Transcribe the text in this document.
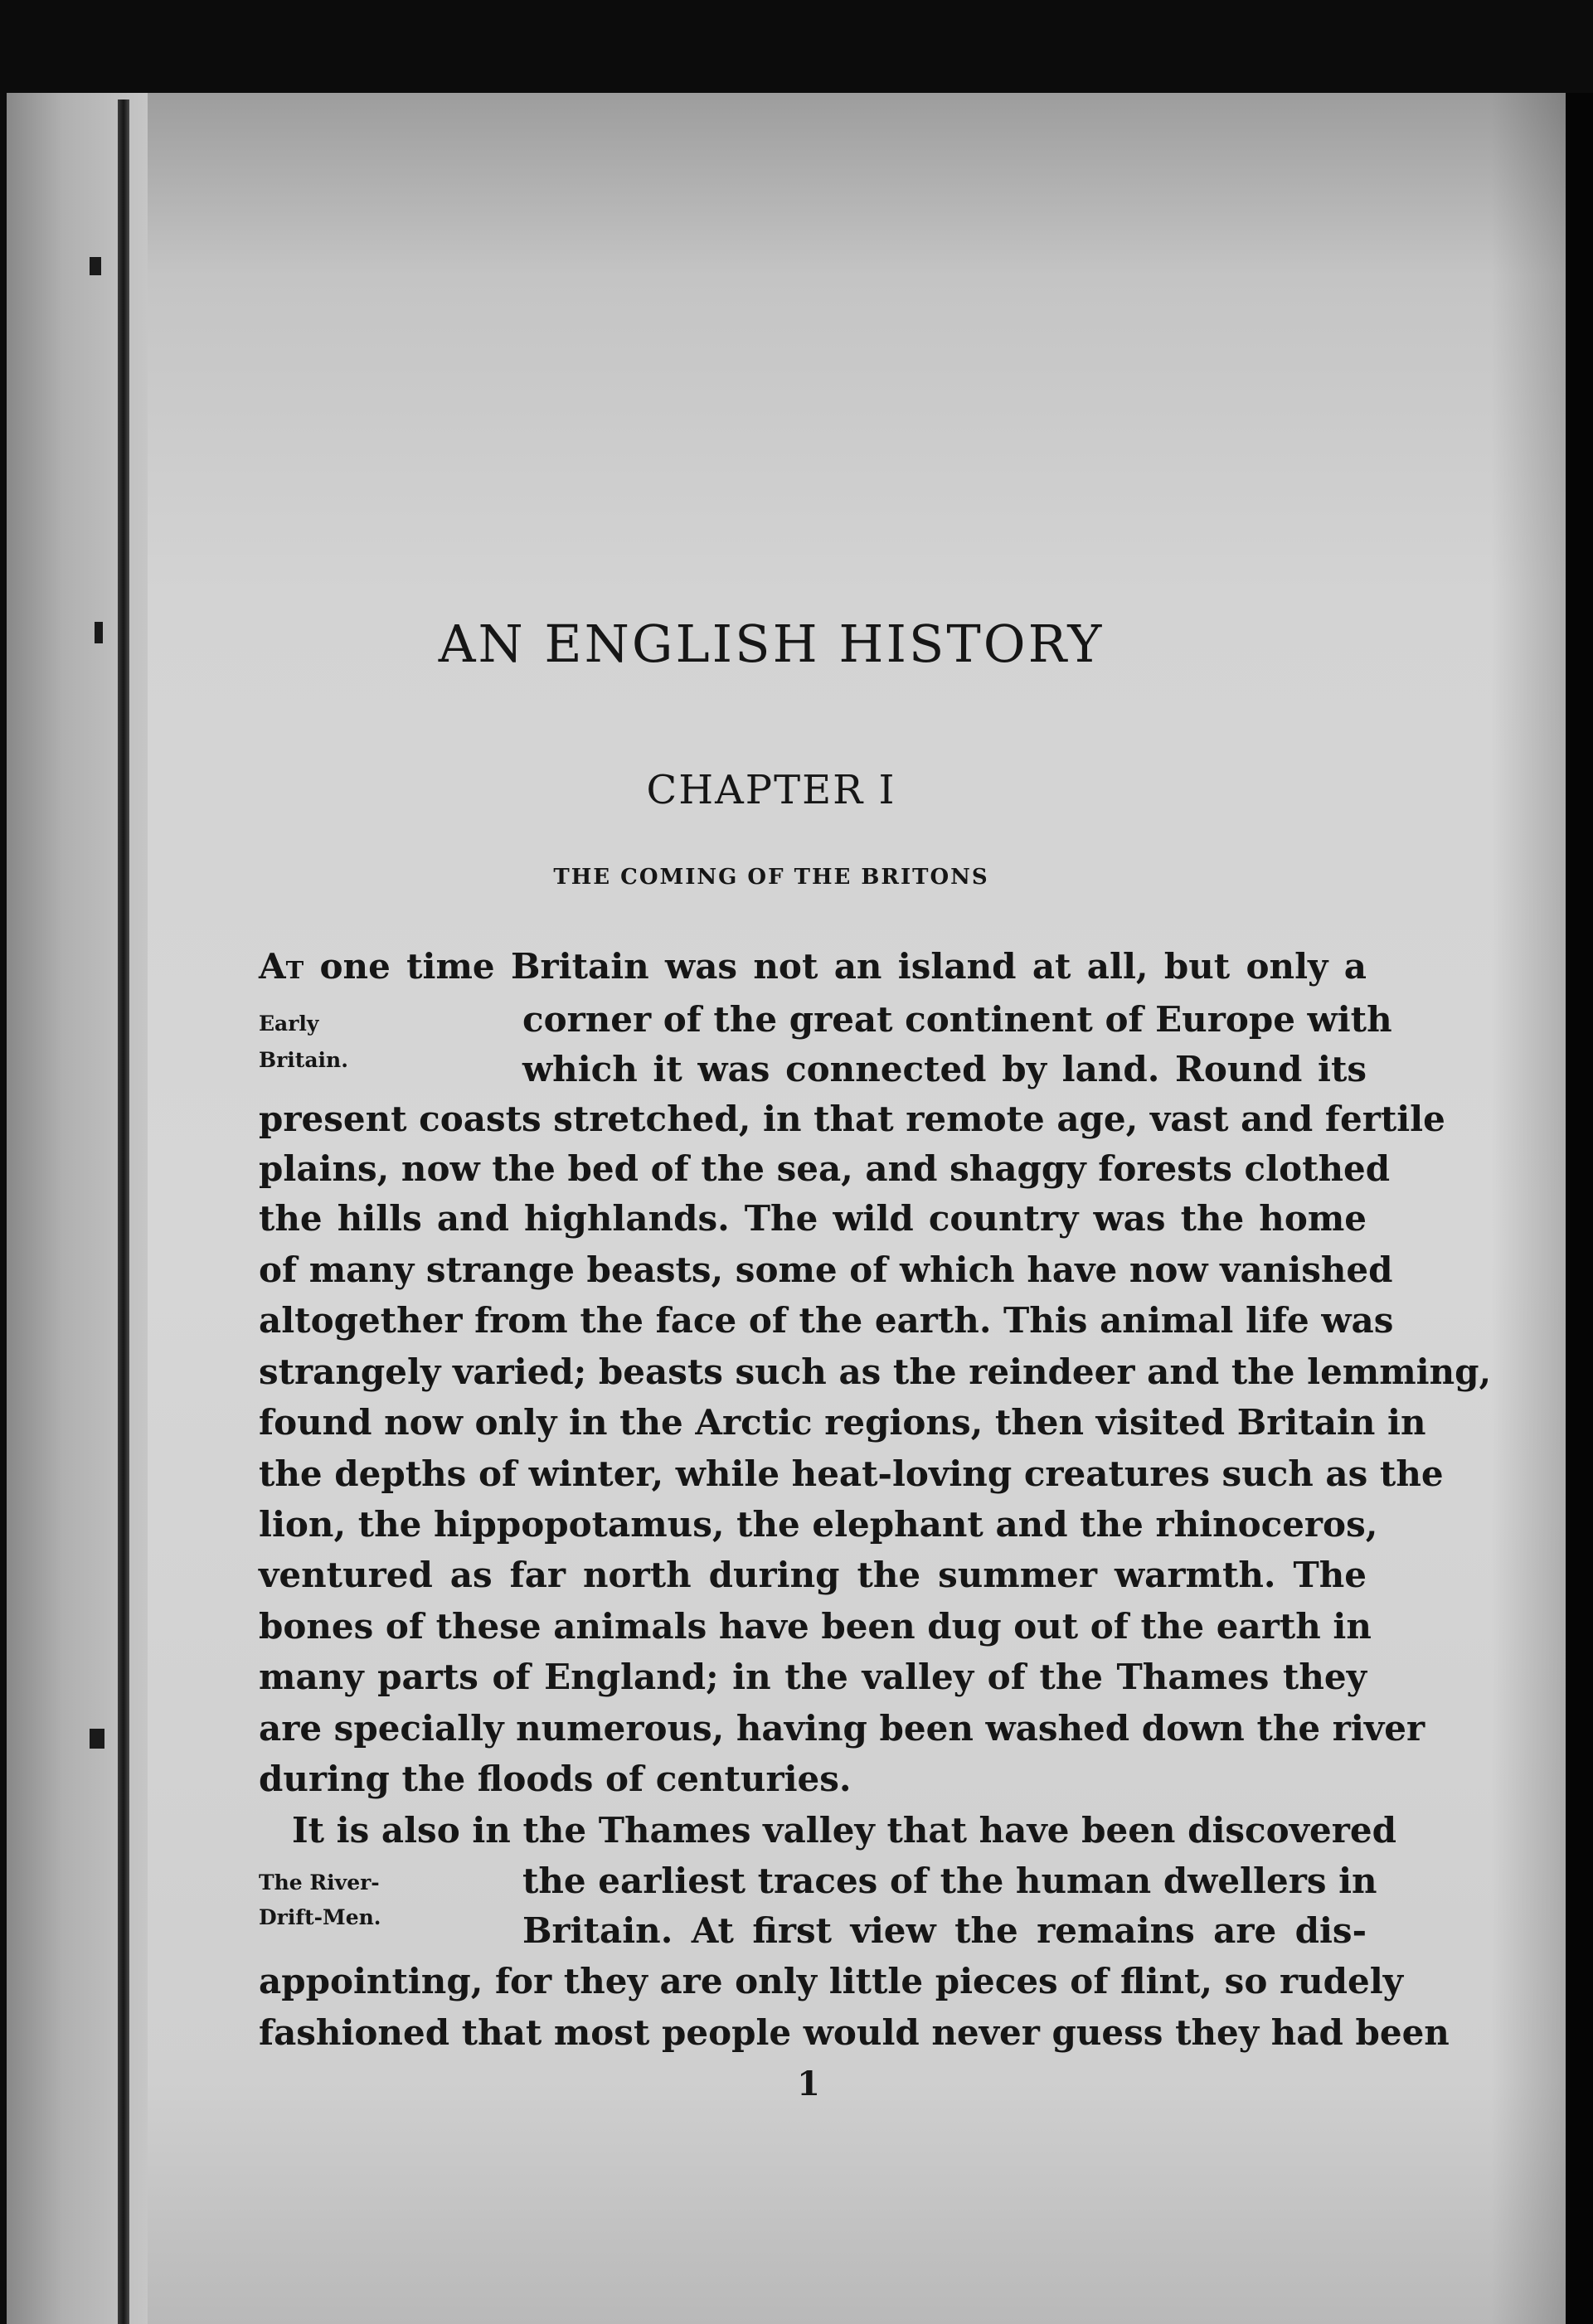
AN ENGLISH HISTORY
CHAPTER I
THE COMING OF THE BRITONS
At one time Britain was not an island at all, but only a
Early
Britain.
corner of the great continent of Europe with
which it was connected by land. Round its
present coasts stretched, in that remote age, vast and fertile
plains, now the bed of the sea, and shaggy forests clothed
the hills and highlands. The wild country was the home
of many strange beasts, some of which have now vanished
altogether from the face of the earth. This animal life was
strangely varied; beasts such as the reindeer and the lemming,
found now only in the Arctic regions, then visited Britain in
the depths of winter, while heat-loving creatures such as the
lion, the hippopotamus, the elephant and the rhinoceros,
ventured as far north during the summer warmth. The
bones of these animals have been dug out of the earth in
many parts of England; in the valley of the Thames they
are specially numerous, having been washed down the river
during the floods of centuries.
It is also in the Thames valley that have been discovered
The River-
Drift-Men.
the earliest traces of the human dwellers in
Britain. At first view the remains are dis-
appointing, for they are only little pieces of flint, so rudely
fashioned that most people would never guess they had been
1
